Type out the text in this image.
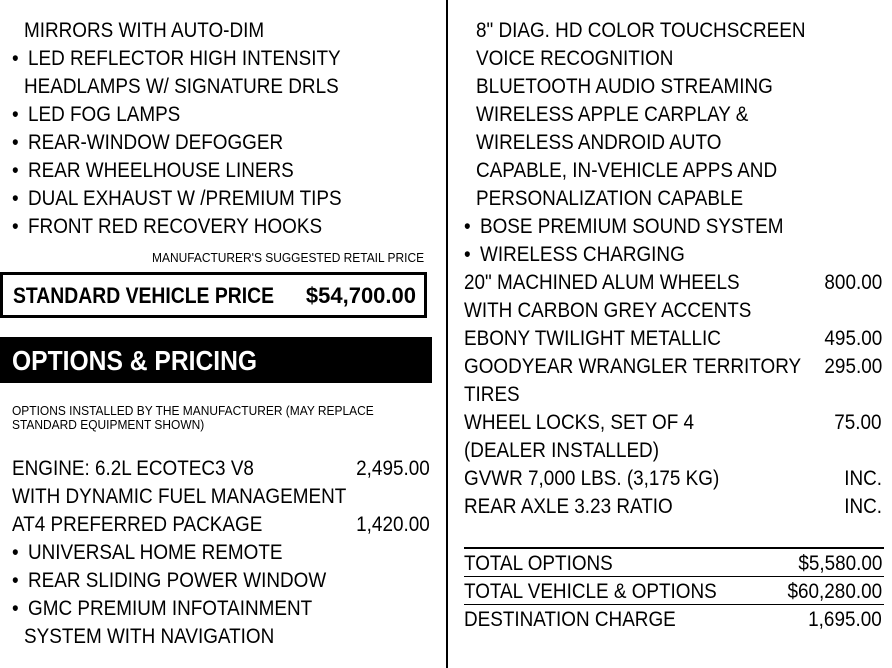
MIRRORS WITH AUTO-DIM
• LED REFLECTOR HIGH INTENSITY
HEADLAMPS W/ SIGNATURE DRLS
• LED FOG LAMPS
• REAR-WINDOW DEFOGGER
• REAR WHEELHOUSE LINERS
• DUAL EXHAUST W /PREMIUM TIPS
• FRONT RED RECOVERY HOOKS
MANUFACTURER'S SUGGESTED RETAIL PRICE
STANDARD VEHICLE PRICE $54,700.00
OPTIONS & PRICING
OPTIONS INSTALLED BY THE MANUFACTURER (MAY REPLACE
STANDARD EQUIPMENT SHOWN)
ENGINE: 6.2L ECOTEC3 V8	2,495.00
WITH DYNAMIC FUEL MANAGEMENT
AT4 PREFERRED PACKAGE	1,420.00
• UNIVERSAL HOME REMOTE
• REAR SLIDING POWER WINDOW
• GMC PREMIUM INFOTAINMENT
SYSTEM WITH NAVIGATION
8" DIAG. HD COLOR TOUCHSCREEN
VOICE RECOGNITION
BLUETOOTH AUDIO STREAMING
WIRELESS APPLE CARPLAY &
WIRELESS ANDROID AUTO
CAPABLE, IN-VEHICLE APPS AND
PERSONALIZATION CAPABLE
• BOSE PREMIUM SOUND SYSTEM
• WIRELESS CHARGING
20" MACHINED ALUM WHEELS	800.00
WITH CARBON GREY ACCENTS
EBONY TWILIGHT METALLIC	495.00
GOODYEAR WRANGLER TERRITORY 295.00
TIRES
WHEEL LOCKS, SET OF 4	75.00
(DEALER INSTALLED)
GVWR 7,000 LBS. (3,175 KG)	INC.
REAR AXLE 3.23 RATIO	INC.
TOTAL OPTIONS	$5,580.00
TOTAL VEHICLE & OPTIONS	$60,280.00
DESTINATION CHARGE	1,695.00
